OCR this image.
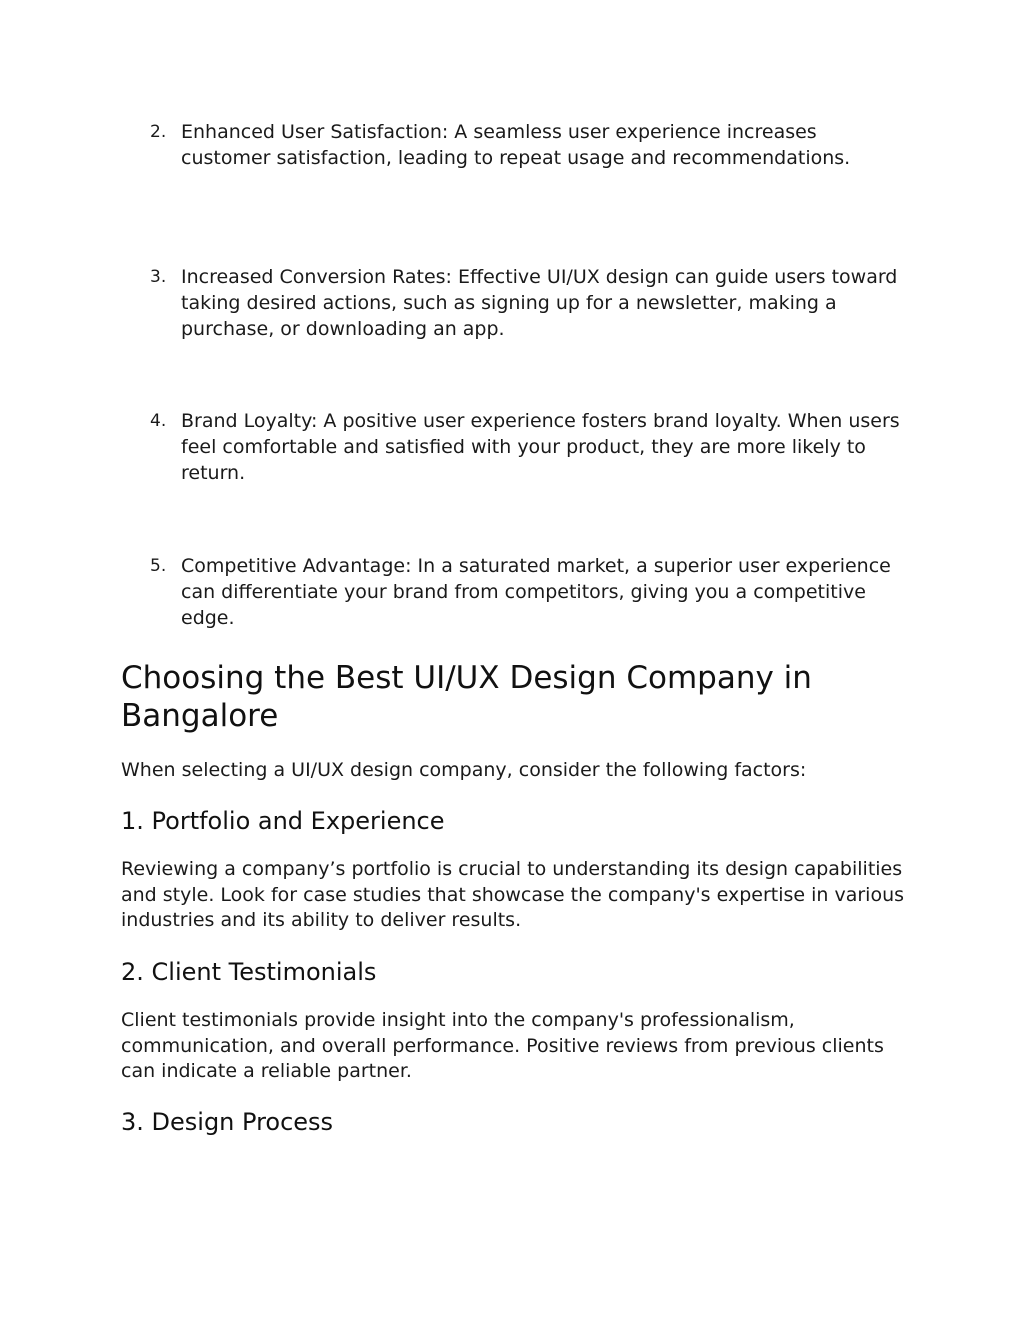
2. Enhanced User Satisfaction: A seamless user experience increases customer satisfaction, leading to repeat usage and recommendations.
3. Increased Conversion Rates: Effective UI/UX design can guide users toward taking desired actions, such as signing up for a newsletter, making a purchase, or downloading an app.
4. Brand Loyalty: A positive user experience fosters brand loyalty. When users feel comfortable and satisfied with your product, they are more likely to return.
5. Competitive Advantage: In a saturated market, a superior user experience can differentiate your brand from competitors, giving you a competitive edge.
Choosing the Best UI/UX Design Company in Bangalore

When selecting a UI/UX design company, consider the following factors:

1. Portfolio and Experience

Reviewing a company’s portfolio is crucial to understanding its design capabilities and style. Look for case studies that showcase the company's expertise in various industries and its ability to deliver results.

2. Client Testimonials

Client testimonials provide insight into the company's professionalism, communication, and overall performance. Positive reviews from previous clients can indicate a reliable partner.

3. Design Process
